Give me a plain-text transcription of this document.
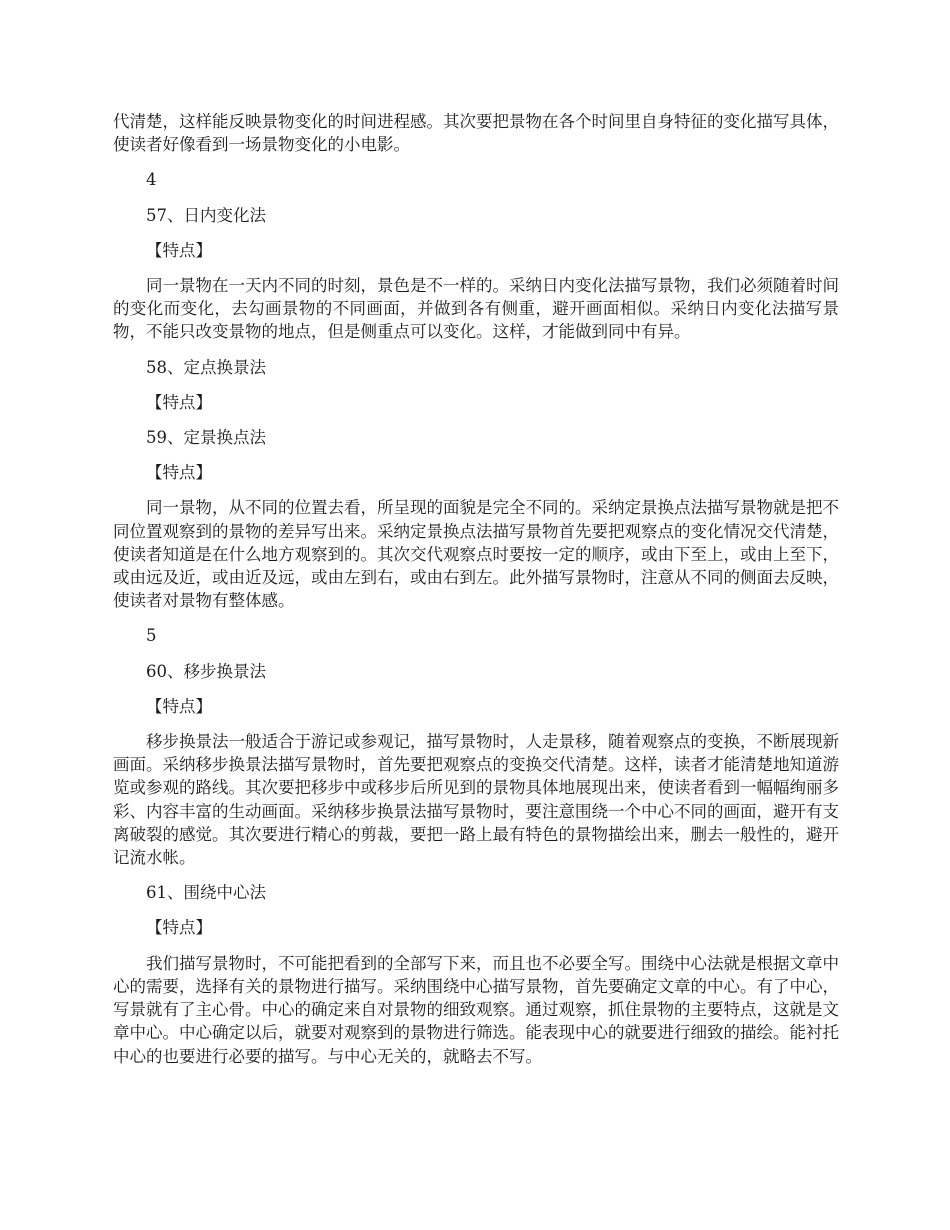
代清楚，这样能反映景物变化的时间进程感。其次要把景物在各个时间里自身特征的变化描写具体，使读者好像看到一场景物变化的小电影。

4

57、日内变化法

【特点】

同一景物在一天内不同的时刻，景色是不一样的。采纳日内变化法描写景物，我们必须随着时间的变化而变化，去勾画景物的不同画面，并做到各有侧重，避开画面相似。采纳日内变化法描写景物，不能只改变景物的地点，但是侧重点可以变化。这样，才能做到同中有异。

58、定点换景法

【特点】

59、定景换点法

【特点】

同一景物，从不同的位置去看，所呈现的面貌是完全不同的。采纳定景换点法描写景物就是把不同位置观察到的景物的差异写出来。采纳定景换点法描写景物首先要把观察点的变化情况交代清楚，使读者知道是在什么地方观察到的。其次交代观察点时要按一定的顺序，或由下至上，或由上至下，或由远及近，或由近及远，或由左到右，或由右到左。此外描写景物时，注意从不同的侧面去反映，使读者对景物有整体感。

5

60、移步换景法

【特点】

移步换景法一般适合于游记或参观记，描写景物时，人走景移，随着观察点的变换，不断展现新画面。采纳移步换景法描写景物时，首先要把观察点的变换交代清楚。这样，读者才能清楚地知道游览或参观的路线。其次要把移步中或移步后所见到的景物具体地展现出来，使读者看到一幅幅绚丽多彩、内容丰富的生动画面。采纳移步换景法描写景物时，要注意围绕一个中心不同的画面，避开有支离破裂的感觉。其次要进行精心的剪裁，要把一路上最有特色的景物描绘出来，删去一般性的，避开记流水帐。

61、围绕中心法

【特点】

我们描写景物时，不可能把看到的全部写下来，而且也不必要全写。围绕中心法就是根据文章中心的需要，选择有关的景物进行描写。采纳围绕中心描写景物，首先要确定文章的中心。有了中心，写景就有了主心骨。中心的确定来自对景物的细致观察。通过观察，抓住景物的主要特点，这就是文章中心。中心确定以后，就要对观察到的景物进行筛选。能表现中心的就要进行细致的描绘。能衬托中心的也要进行必要的描写。与中心无关的，就略去不写。
